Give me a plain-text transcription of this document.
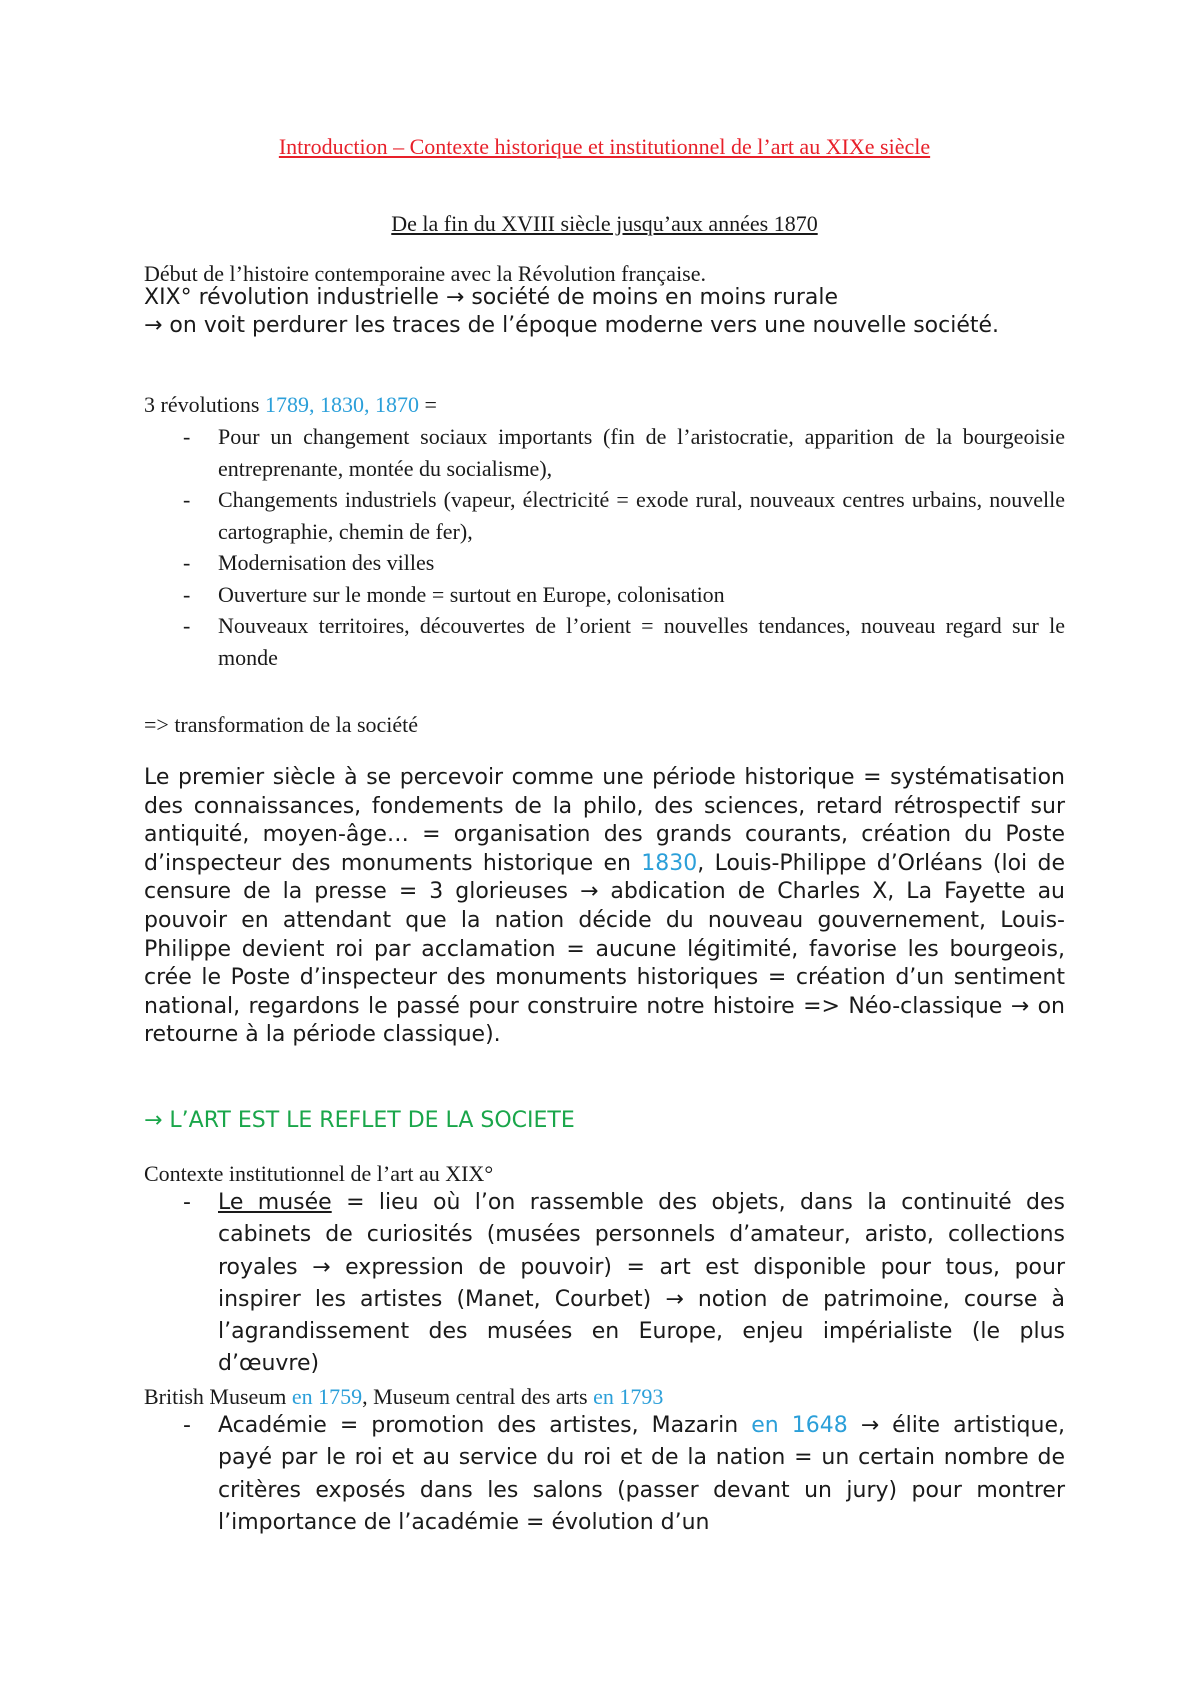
Introduction – Contexte historique et institutionnel de l’art au XIXe siècle

De la fin du XVIII siècle jusqu’aux années 1870

Début de l’histoire contemporaine avec la Révolution française.

XIX° révolution industrielle → société de moins en moins rurale

→ on voit perdurer les traces de l’époque moderne vers une nouvelle société.

3 révolutions 1789, 1830, 1870 =

- Pour un changement sociaux importants (fin de l’aristocratie, apparition de la bourgeoisie entreprenante, montée du socialisme),
- Changements industriels (vapeur, électricité = exode rural, nouveaux centres urbains, nouvelle cartographie, chemin de fer),
- Modernisation des villes
- Ouverture sur le monde = surtout en Europe, colonisation
- Nouveaux territoires, découvertes de l’orient = nouvelles tendances, nouveau regard sur le monde

=> transformation de la société

Le premier siècle à se percevoir comme une période historique = systématisation des connaissances, fondements de la philo, des sciences, retard rétrospectif sur antiquité, moyen-âge… = organisation des grands courants, création du Poste d’inspecteur des monuments historique en 1830, Louis-Philippe d’Orléans (loi de censure de la presse = 3 glorieuses → abdication de Charles X, La Fayette au pouvoir en attendant que la nation décide du nouveau gouvernement, Louis-Philippe devient roi par acclamation = aucune légitimité, favorise les bourgeois, crée le Poste d’inspecteur des monuments historiques = création d’un sentiment national, regardons le passé pour construire notre histoire => Néo-classique → on retourne à la période classique).

→ L’ART EST LE REFLET DE LA SOCIETE

Contexte institutionnel de l’art au XIX°

- Le musée = lieu où l’on rassemble des objets, dans la continuité des cabinets de curiosités (musées personnels d’amateur, aristo, collections royales → expression de pouvoir) = art est disponible pour tous, pour inspirer les artistes (Manet, Courbet) → notion de patrimoine, course à l’agrandissement des musées en Europe, enjeu impérialiste (le plus d’œuvre)

British Museum en 1759, Museum central des arts en 1793

- Académie = promotion des artistes, Mazarin en 1648 → élite artistique, payé par le roi et au service du roi et de la nation = un certain nombre de critères exposés dans les salons (passer devant un jury) pour montrer l’importance de l’académie = évolution d’un
